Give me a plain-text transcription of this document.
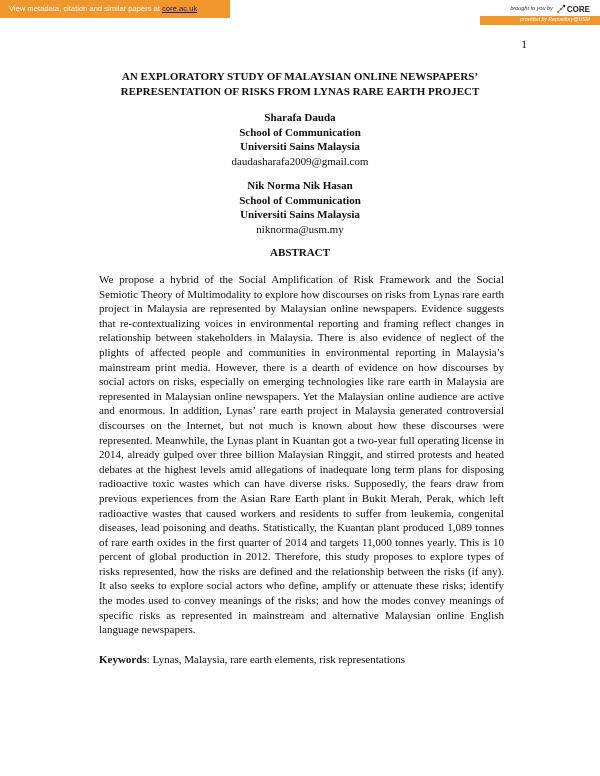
View metadata, citation and similar papers at core.ac.uk	brought to you by CORE
provided by Repository@USM
1
AN EXPLORATORY STUDY OF MALAYSIAN ONLINE NEWSPAPERS’
REPRESENTATION OF RISKS FROM LYNAS RARE EARTH PROJECT
Sharafa Dauda
School of Communication
Universiti Sains Malaysia
daudasharafa2009@gmail.com
Nik Norma Nik Hasan
School of Communication
Universiti Sains Malaysia
niknorma@usm.my
ABSTRACT

We propose a hybrid of the Social Amplification of Risk Framework and the Social Semiotic Theory of Multimodality to explore how discourses on risks from Lynas rare earth project in Malaysia are represented by Malaysian online newspapers. Evidence suggests that re-contextualizing voices in environmental reporting and framing reflect changes in relationship between stakeholders in Malaysia. There is also evidence of neglect of the plights of affected people and communities in environmental reporting in Malaysia’s mainstream print media. However, there is a dearth of evidence on how discourses by social actors on risks, especially on emerging technologies like rare earth in Malaysia are represented in Malaysian online newspapers. Yet the Malaysian online audience are active and enormous. In addition, Lynas’ rare earth project in Malaysia generated controversial discourses on the Internet, but not much is known about how these discourses were represented. Meanwhile, the Lynas plant in Kuantan got a two-year full operating license in 2014, already gulped over three billion Malaysian Ringgit, and stirred protests and heated debates at the highest levels amid allegations of inadequate long term plans for disposing radioactive toxic wastes which can have diverse risks. Supposedly, the fears draw from previous experiences from the Asian Rare Earth plant in Bukit Merah, Perak, which left radioactive wastes that caused workers and residents to suffer from leukemia, congenital diseases, lead poisoning and deaths. Statistically, the Kuantan plant produced 1,089 tonnes of rare earth oxides in the first quarter of 2014 and targets 11,000 tonnes yearly. This is 10 percent of global production in 2012. Therefore, this study proposes to explore types of risks represented, how the risks are defined and the relationship between the risks (if any). It also seeks to explore social actors who define, amplify or attenuate these risks; identify the modes used to convey meanings of the risks; and how the modes convey meanings of specific risks as represented in mainstream and alternative Malaysian online English language newspapers.

Keywords: Lynas, Malaysia, rare earth elements, risk representations
